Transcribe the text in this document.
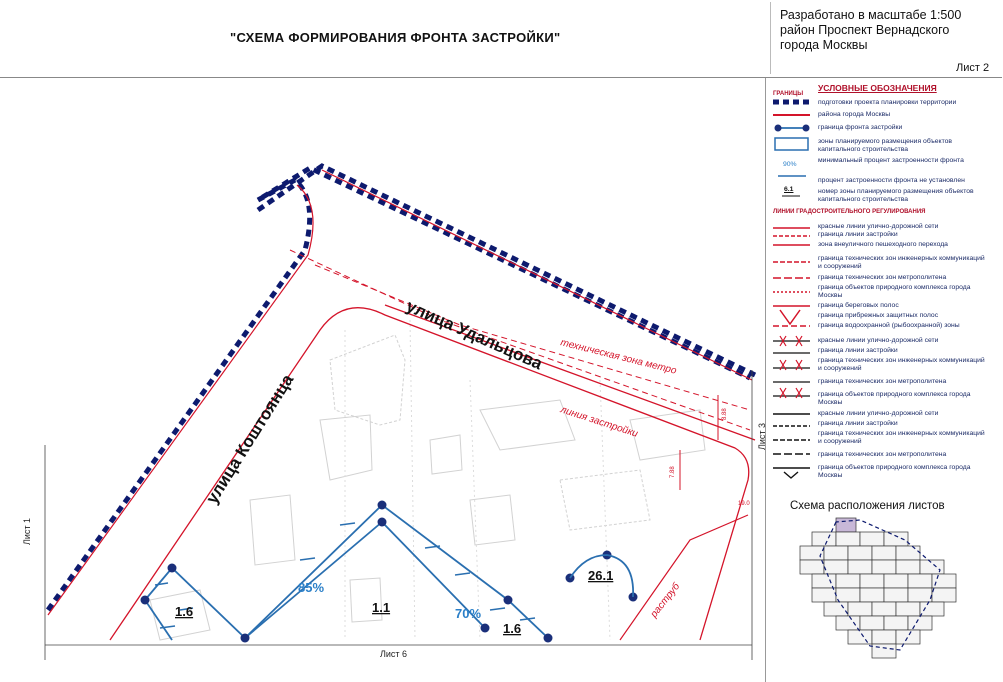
"СХЕМА ФОРМИРОВАНИЯ ФРОНТА ЗАСТРОЙКИ"
Разработано в масштабе 1:500
район Проспект Вернадского
города Москвы
Лист 2
улица Удальцова
улица Коштоянца
техническая зона метро
линия застройки
раструб
8.88
7.88
19.0
Лист 1
Лист 3
Лист 6
1.6	1.1
1.6
26.1
85%
70%
УСЛОВНЫЕ ОБОЗНАЧЕНИЯ
ГРАНИЦЫ
подготовки проекта планировки территории
района города Москвы
граница фронта застройки
зоны планируемого размещения объектов капитального строительства
90%
минимальный процент застроенности фронта
процент застроенности фронта не установлен
6.1	номер зоны планируемого размещения объектов капитального строительства
ЛИНИИ ГРАДОСТРОИТЕЛЬНОГО РЕГУЛИРОВАНИЯ
красные линии улично-дорожной сети
граница линии застройки
зона внеуличного пешеходного перехода
граница технических зон инженерных коммуникаций и сооружений
граница технических зон метрополитена
граница объектов природного комплекса города Москвы
граница береговых полос
граница прибрежных защитных полос
граница водоохранной (рыбоохранной) зоны
красные линии улично-дорожной сети
граница линии застройки
граница технических зон инженерных коммуникаций и сооружений
граница технических зон метрополитена
граница объектов природного комплекса города Москвы
красные линии улично-дорожной сети
граница линии застройки
граница технических зон инженерных коммуникаций и сооружений
граница технических зон метрополитена
граница объектов природного комплекса города Москвы
Схема расположения листов
